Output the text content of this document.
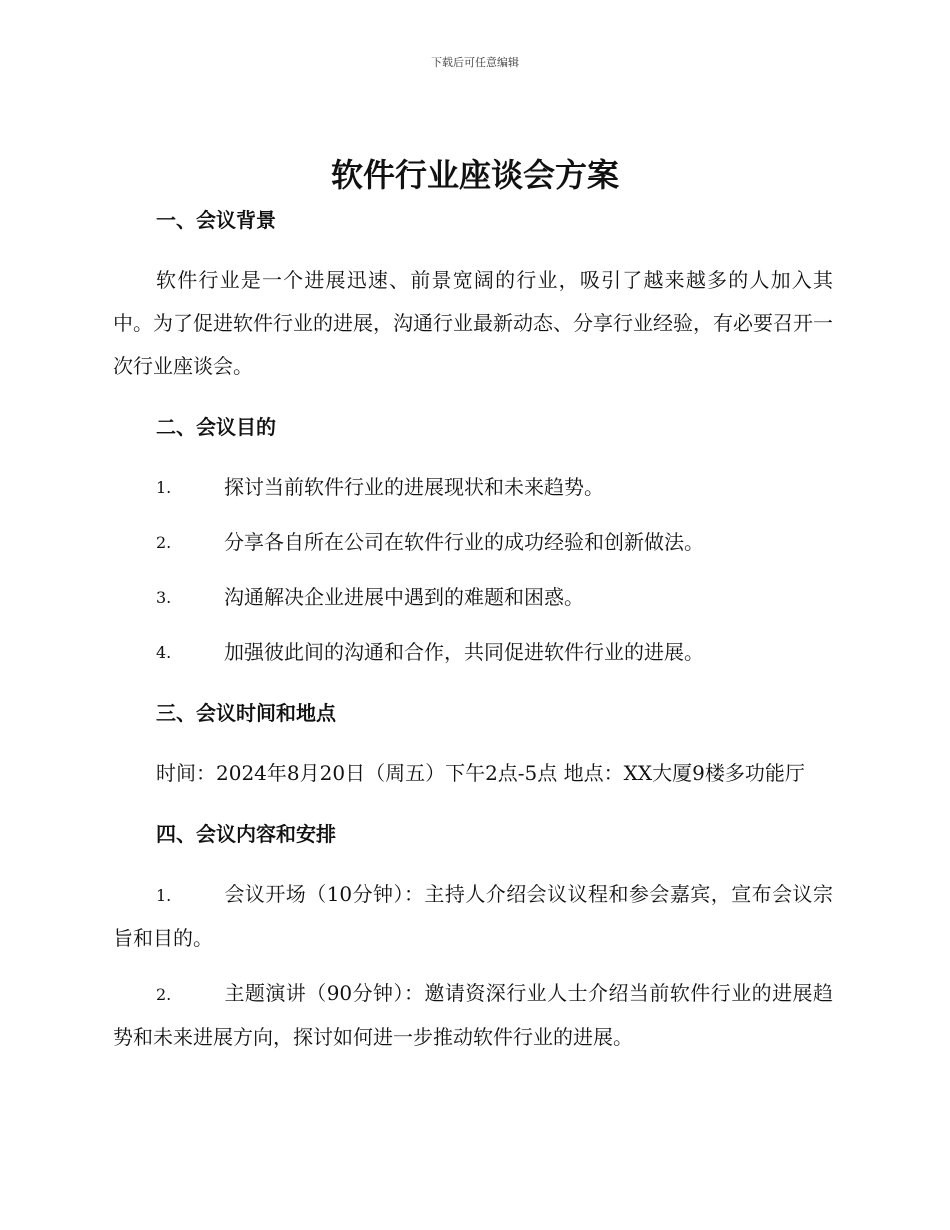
下载后可任意编辑
软件行业座谈会方案

一、会议背景

软件行业是一个进展迅速、前景宽阔的行业，吸引了越来越多的人加入其中。为了促进软件行业的进展，沟通行业最新动态、分享行业经验，有必要召开一次行业座谈会。

二、会议目的

1.	探讨当前软件行业的进展现状和未来趋势。
2.	分享各自所在公司在软件行业的成功经验和创新做法。
3.	沟通解决企业进展中遇到的难题和困惑。
4.	加强彼此间的沟通和合作，共同促进软件行业的进展。

三、会议时间和地点

时间：2024年8月20日（周五）下午2点-5点 地点：XX大厦9楼多功能厅

四、会议内容和安排

1.	会议开场（10分钟）：主持人介绍会议议程和参会嘉宾，宣布会议宗旨和目的。

2.	主题演讲（90分钟）：邀请资深行业人士介绍当前软件行业的进展趋势和未来进展方向，探讨如何进一步推动软件行业的进展。
